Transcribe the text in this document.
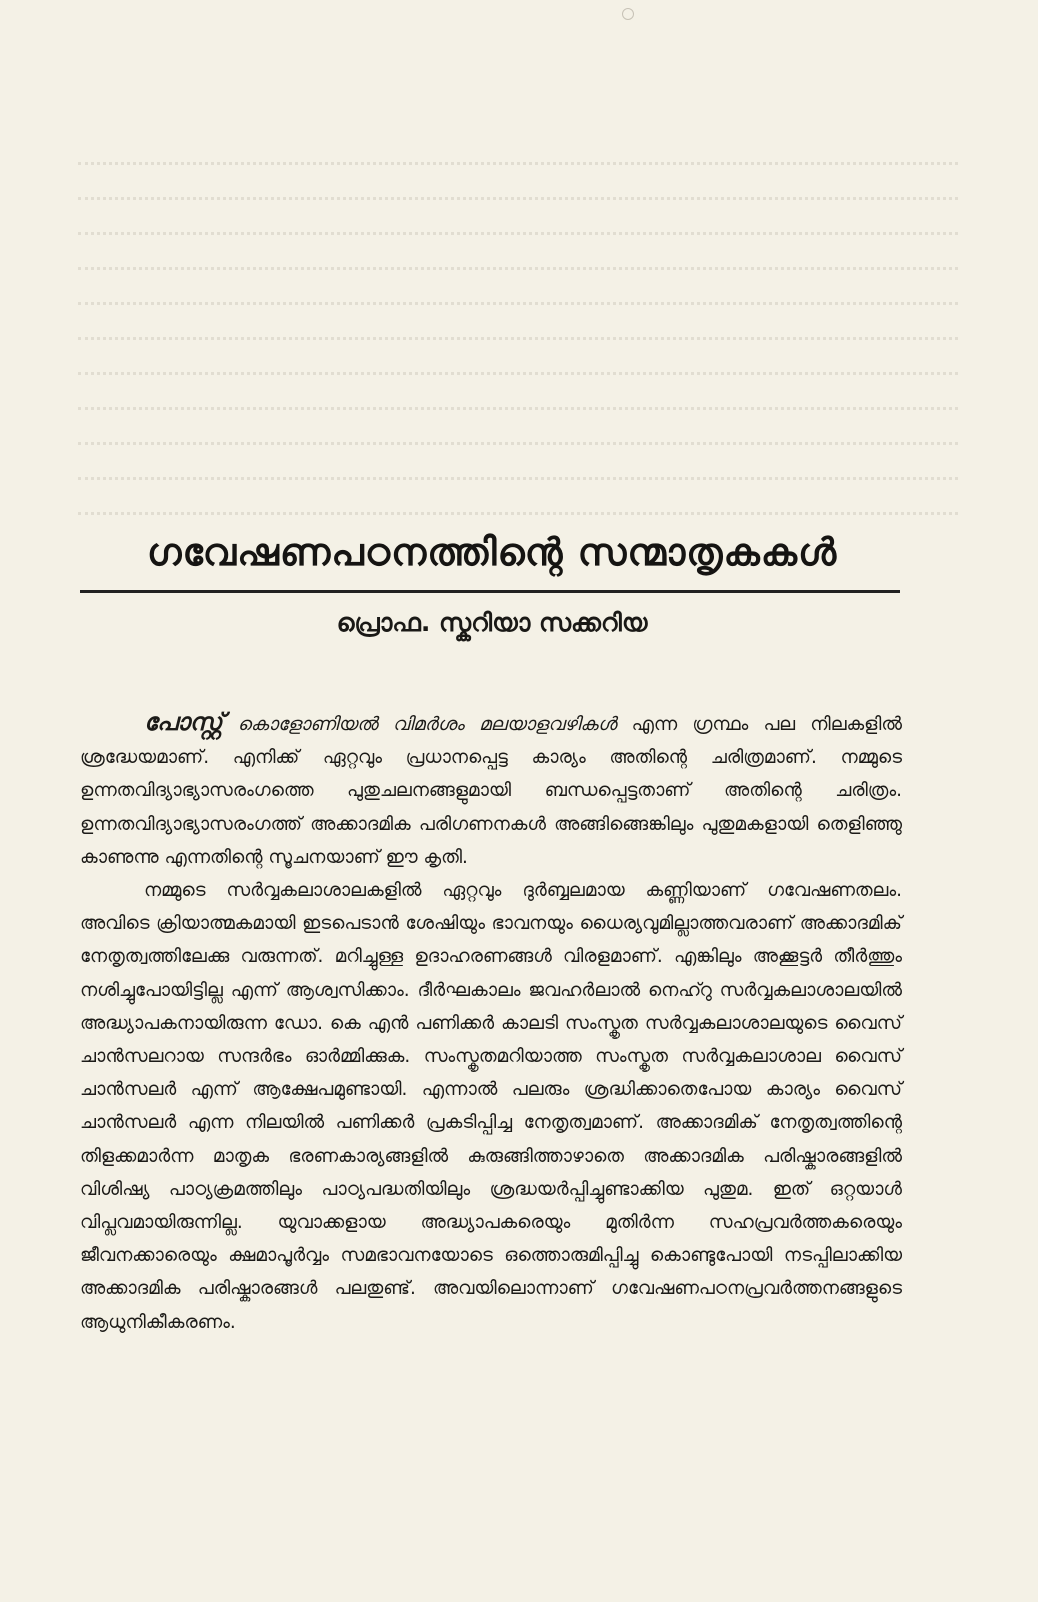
ഗവേഷണപഠനത്തിന്റെ സന്മാതൃകകൾ
പ്രൊഫ. സ്കറിയാ സക്കറിയ

പോസ്റ്റ് കൊളോണിയൽ വിമർശം മലയാളവഴികൾ എന്ന ഗ്രന്ഥം പല നിലകളിൽ ശ്രദ്ധേയമാണ്. എനിക്ക് ഏറ്റവും പ്രധാനപ്പെട്ട കാര്യം അതിന്റെ ചരിത്രമാണ്. നമ്മുടെ ഉന്നതവിദ്യാഭ്യാസരംഗത്തെ പുതുചലനങ്ങളുമായി ബന്ധപ്പെട്ടതാണ് അതിന്റെ ചരിത്രം. ഉന്നതവിദ്യാഭ്യാസരംഗത്ത് അക്കാദമിക പരിഗണനകൾ അങ്ങിങ്ങെങ്കിലും പുതുമകളായി തെളിഞ്ഞു കാണുന്നു എന്നതിന്റെ സൂചനയാണ് ഈ കൃതി.

നമ്മുടെ സർവ്വകലാശാലകളിൽ ഏറ്റവും ദുർബ്ബലമായ കണ്ണിയാണ് ഗവേഷണതലം. അവിടെ ക്രിയാത്മകമായി ഇടപെടാൻ ശേഷിയും ഭാവനയും ധൈര്യവുമില്ലാത്തവരാണ് അക്കാദമിക് നേതൃത്വത്തിലേക്കു വരുന്നത്. മറിച്ചുള്ള ഉദാഹരണങ്ങൾ വിരളമാണ്. എങ്കിലും അക്കൂട്ടർ തീർത്തും നശിച്ചുപോയിട്ടില്ല എന്ന് ആശ്വസിക്കാം. ദീർഘകാലം ജവഹർലാൽ നെഹ്റു സർവ്വകലാശാലയിൽ അദ്ധ്യാപകനായിരുന്ന ഡോ. കെ എൻ പണിക്കർ കാലടി സംസ്കൃത സർവ്വകലാശാലയുടെ വൈസ് ചാൻസലറായ സന്ദർഭം ഓർമ്മിക്കുക. സംസ്കൃതമറിയാത്ത സംസ്കൃത സർവ്വകലാശാല വൈസ് ചാൻസലർ എന്ന് ആക്ഷേപമുണ്ടായി. എന്നാൽ പലരും ശ്രദ്ധിക്കാതെപോയ കാര്യം വൈസ് ചാൻസലർ എന്ന നിലയിൽ പണിക്കർ പ്രകടിപ്പിച്ച നേതൃത്വമാണ്. അക്കാദമിക് നേതൃത്വത്തിന്റെ തിളക്കമാർന്ന മാതൃക ഭരണകാര്യങ്ങളിൽ കുരുങ്ങിത്താഴാതെ അക്കാദമിക പരിഷ്കാരങ്ങളിൽ വിശിഷ്യ പാഠ്യക്രമത്തിലും പാഠ്യപദ്ധതിയിലും ശ്രദ്ധയർപ്പിച്ചുണ്ടാക്കിയ പുതുമ. ഇത് ഒറ്റയാൾ വിപ്ലവമായിരുന്നില്ല. യുവാക്കളായ അദ്ധ്യാപകരെയും മുതിർന്ന സഹപ്രവർത്തകരെയും ജീവനക്കാരെയും ക്ഷമാപൂർവ്വം സമഭാവനയോടെ ഒത്തൊരുമിപ്പിച്ചു കൊണ്ടുപോയി നടപ്പിലാക്കിയ അക്കാദമിക പരിഷ്കാരങ്ങൾ പലതുണ്ട്. അവയിലൊന്നാണ് ഗവേഷണപഠനപ്രവർത്തനങ്ങളുടെ ആധുനികീകരണം.
